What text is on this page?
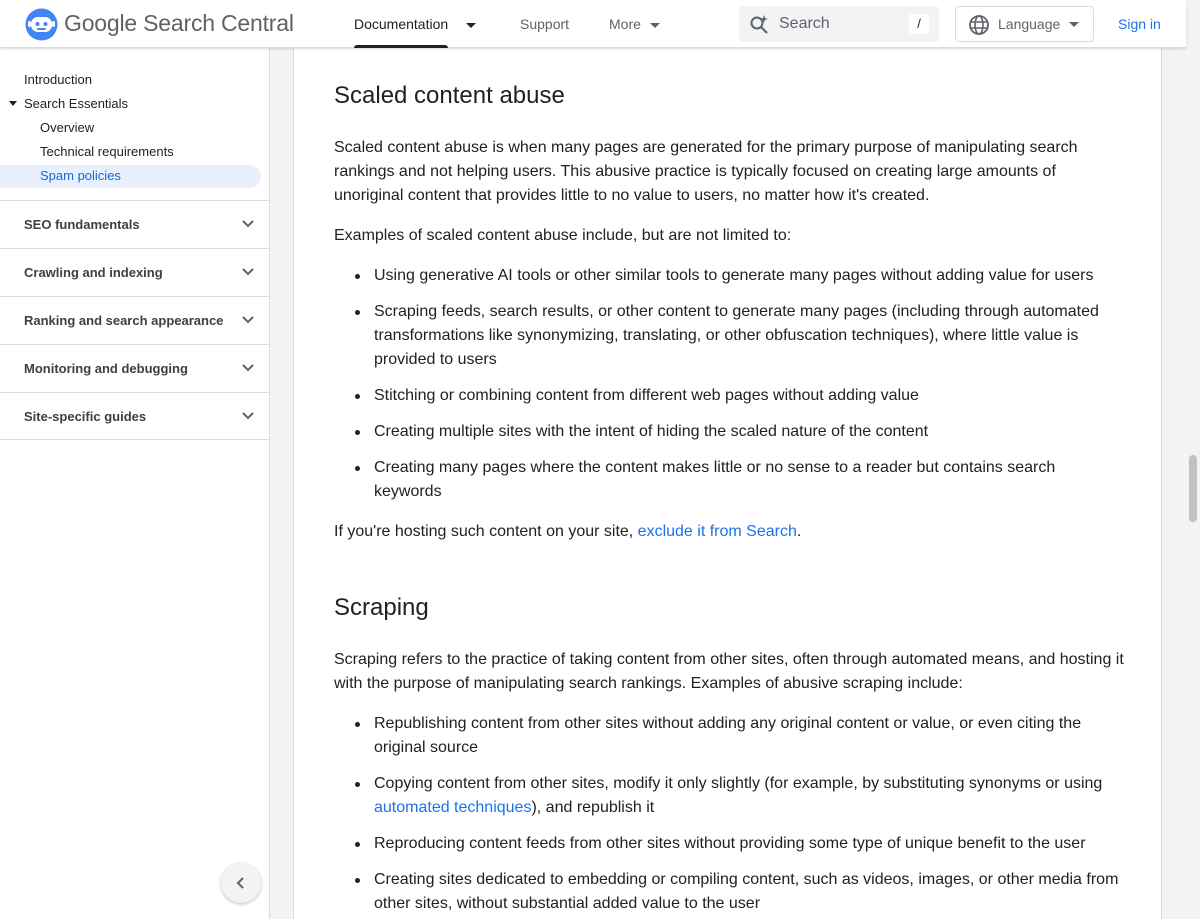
Google Search Central	Documentation	Support	More
Search	/	Language	Sign in
Introduction
Search Essentials
Overview
Technical requirements
Spam policies
SEO fundamentals
Crawling and indexing
Ranking and search appearance
Monitoring and debugging
Site-specific guides
Scaled content abuse

Scaled content abuse is when many pages are generated for the primary purpose of manipulating search rankings and not helping users. This abusive practice is typically focused on creating large amounts of unoriginal content that provides little to no value to users, no matter how it's created.

Examples of scaled content abuse include, but are not limited to:

Using generative AI tools or other similar tools to generate many pages without adding value for users
Scraping feeds, search results, or other content to generate many pages (including through automated transformations like synonymizing, translating, or other obfuscation techniques), where little value is provided to users
Stitching or combining content from different web pages without adding value
Creating multiple sites with the intent of hiding the scaled nature of the content
Creating many pages where the content makes little or no sense to a reader but contains search keywords

If you're hosting such content on your site, exclude it from Search.

Scraping

Scraping refers to the practice of taking content from other sites, often through automated means, and hosting it with the purpose of manipulating search rankings. Examples of abusive scraping include:

Republishing content from other sites without adding any original content or value, or even citing the original source
Copying content from other sites, modify it only slightly (for example, by substituting synonyms or using automated techniques), and republish it
Reproducing content feeds from other sites without providing some type of unique benefit to the user
Creating sites dedicated to embedding or compiling content, such as videos, images, or other media from other sites, without substantial added value to the user
